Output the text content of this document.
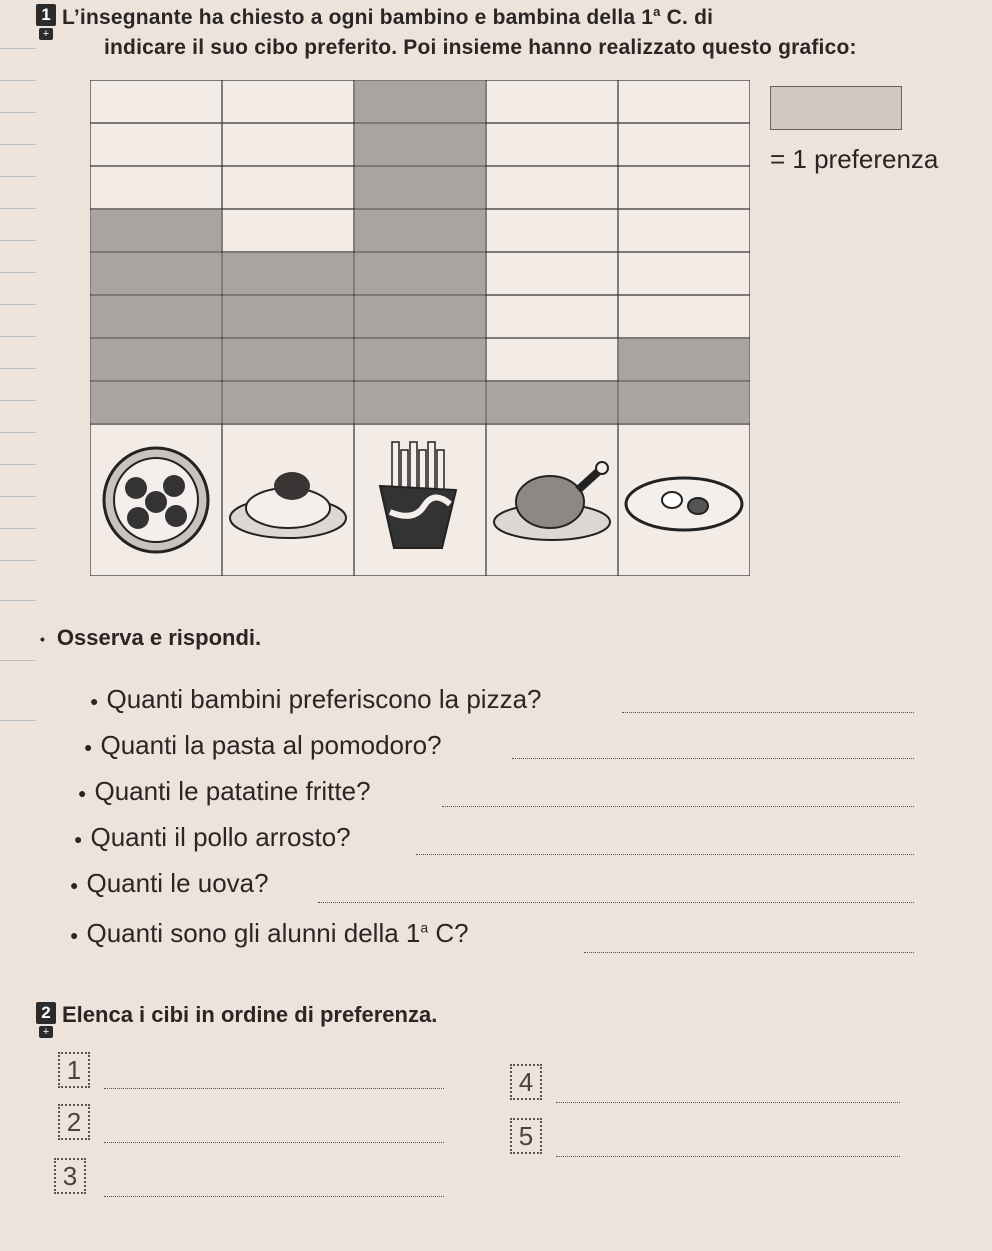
1
+
L’insegnante ha chiesto a ogni bambino e bambina della 1$^a$ C. di
indicare il suo cibo preferito. Poi insieme hanno realizzato questo grafico:
= 1 preferenza
• Osserva e rispondi.
● Quanti bambini preferiscono la pizza?
● Quanti la pasta al pomodoro?
● Quanti le patatine fritte?
● Quanti il pollo arrosto?
● Quanti le uova?
● Quanti sono gli alunni della 1$^a$ C?
2
+
Elenca i cibi in ordine di preferenza.
1
2
3
4
5
